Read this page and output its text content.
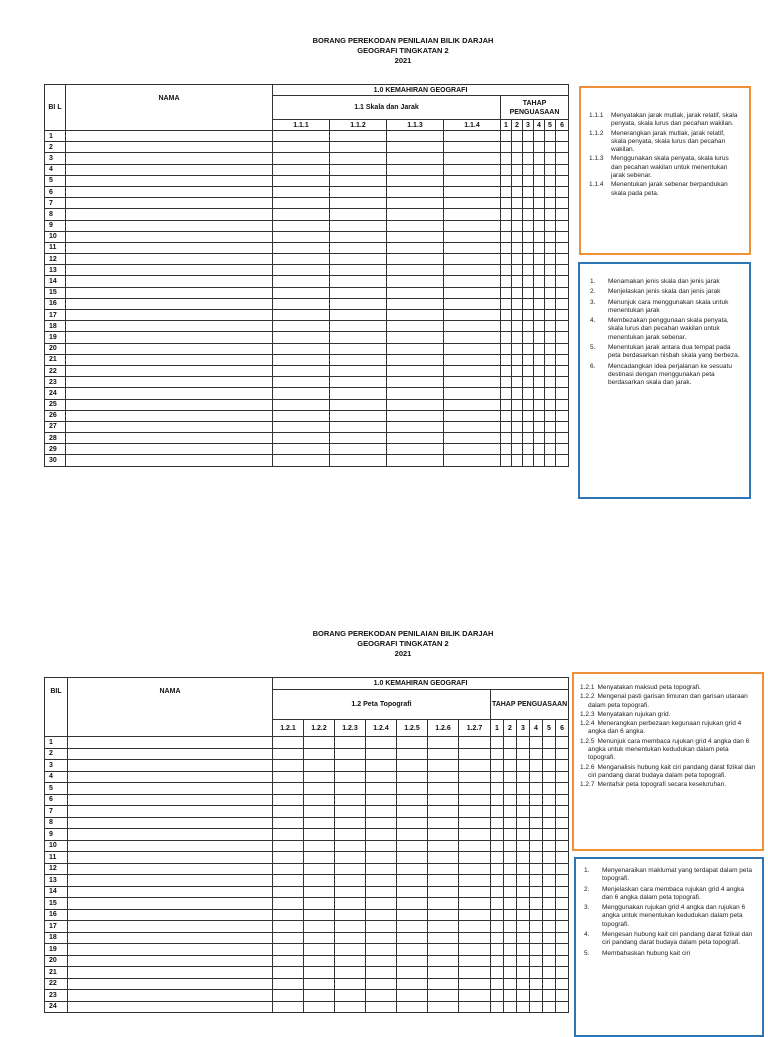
BORANG PEREKODAN PENILAIAN BILIK DARJAH
GEOGRAFI TINGKATAN 2
2021
BI L	NAMA	1.0 KEMAHIRAN GEOGRAFI									
		1.1 Skala dan Jarak				TAHAP PENGUASAAN					
		1.1.1	1.1.2	1.1.3	1.1.4	1	2	3	4	5	6
1											
2											
3											
4											
5											
6											
7											
8											
9											
10											
11											
12											
13											
14											
15											
16											
17											
18											
19											
20											
21											
22											
23											
24											
25											
26											
27											
28											
29											
30											
1.1.1	Menyatakan jarak mutlak, jarak relatif, skala penyata, skala lurus dan pecahan wakilan.
1.1.2	Menerangkan jarak mutlak, jarak relatif, skala penyata, skala lurus dan pecahan wakilan.
1.1.3	Menggunakan skala penyata, skala lurus dan pecahan wakilan untuk menentukan jarak sebenar.
1.1.4	Menentukan jarak sebenar berpandukan skala pada peta.
1.	Menamakan jenis skala dan jenis jarak
2.	Menjelaskan jenis skala dan jenis jarak
3.	Menunjuk cara menggunakan skala untuk menentukan jarak
4.	Membezakan penggunaan skala penyata, skala lurus dan pecahan wakilan untuk menentukan jarak sebenar.
5.	Menentukan jarak antara dua tempat pada peta berdasarkan nisbah skala yang berbeza.
6.	Mencadangkan idea perjalanan ke sesuatu destinasi dengan menggunakan peta berdasarkan skala dan jarak.
BORANG PEREKODAN PENILAIAN BILIK DARJAH
GEOGRAFI TINGKATAN 2
2021
BIL	NAMA	1.0 KEMAHIRAN GEOGRAFI												
		1.2 Peta Topografi							TAHAP PENGUASAAN					
		1.2.1	1.2.2	1.2.3	1.2.4	1.2.5	1.2.6	1.2.7	1	2	3	4	5	6
1														
2														
3														
4														
5														
6														
7														
8														
9														
10														
11														
12														
13														
14														
15														
16														
17														
18														
19														
20														
21														
22														
23														
24														
1.2.1 Menyatakan maksud peta topografi.
1.2.2 Mengenal pasti garisan timuran dan garisan utaraan dalam peta topografi.
1.2.3 Menyatakan rujukan grid.
1.2.4 Menerangkan perbezaan kegunaan rujukan grid 4 angka dan 6 angka.
1.2.5 Menunjuk cara membaca rujukan grid 4 angka dan 6 angka untuk menentukan kedudukan dalam peta topografi.
1.2.6 Menganalisis hubung kait ciri pandang darat fizikal dan ciri pandang darat budaya dalam peta topografi.
1.2.7 Mentafsir peta topografi secara keseluruhan.
1.	Menyenaraikan maklumat yang terdapat dalam peta topografi.
2.	Menjelaskan cara membaca rujukan grid 4 angka dan 6 angka dalam peta topografi.
3.	Menggunakan rujukan grid 4 angka dan rujukan 6 angka untuk menentukan kedudukan dalam peta topografi.
4.	Mengesan hubung kait ciri pandang darat fizikal dan ciri pandang darat budaya dalam peta topografi.
5.	Membahaskan hubung kait ciri
